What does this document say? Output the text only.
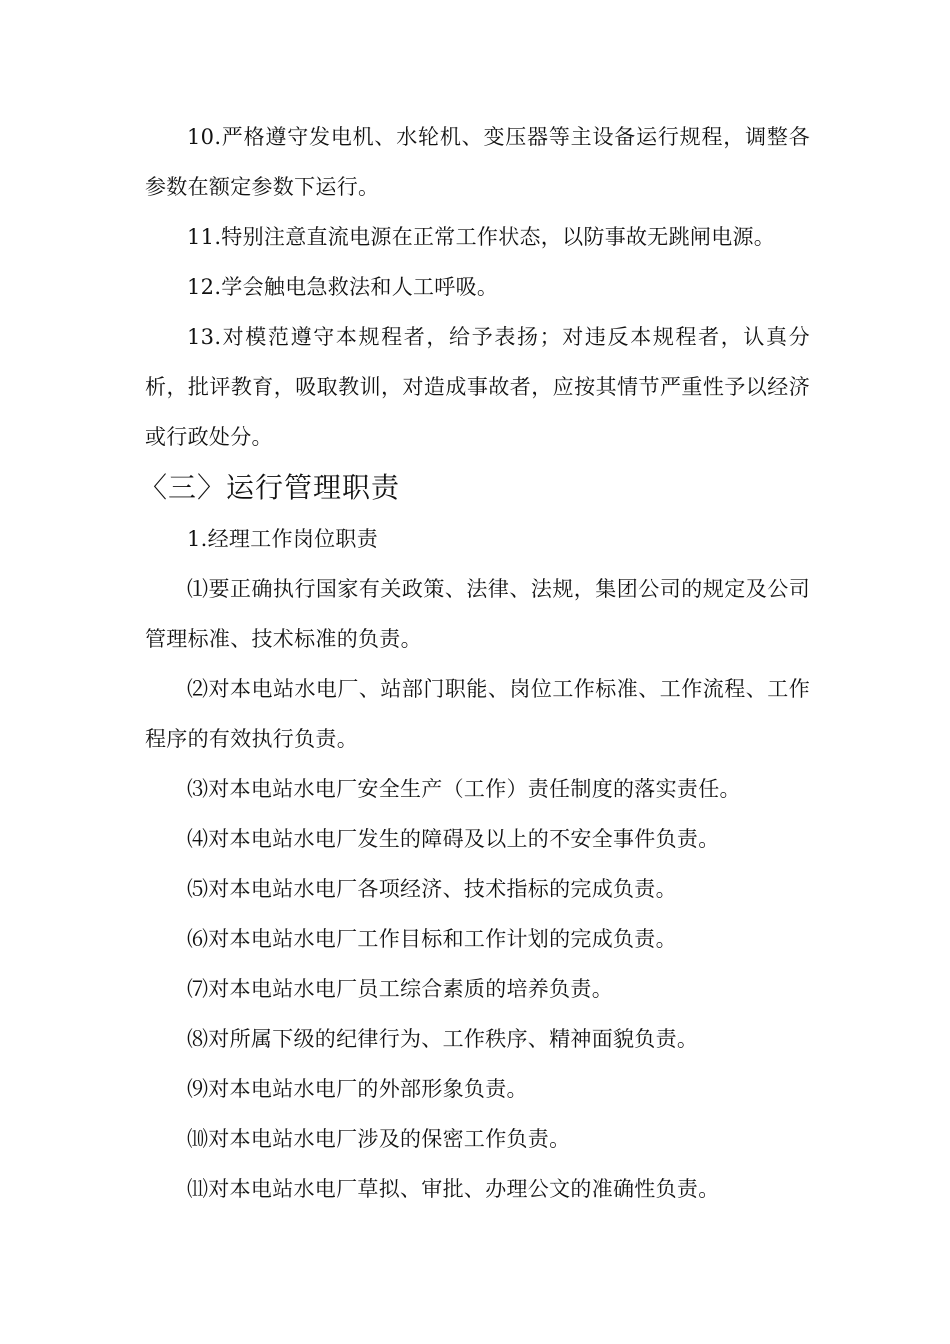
10.严格遵守发电机、水轮机、变压器等主设备运行规程，调整各参数在额定参数下运行。

11.特别注意直流电源在正常工作状态，以防事故无跳闸电源。

12.学会触电急救法和人工呼吸。

13.对模范遵守本规程者，给予表扬；对违反本规程者，认真分析，批评教育，吸取教训，对造成事故者，应按其情节严重性予以经济或行政处分。

〈三〉运行管理职责

1.经理工作岗位职责

⑴要正确执行国家有关政策、法律、法规，集团公司的规定及公司管理标准、技术标准的负责。

⑵对本电站水电厂、站部门职能、岗位工作标准、工作流程、工作程序的有效执行负责。

⑶对本电站水电厂安全生产（工作）责任制度的落实责任。

⑷对本电站水电厂发生的障碍及以上的不安全事件负责。

⑸对本电站水电厂各项经济、技术指标的完成负责。

⑹对本电站水电厂工作目标和工作计划的完成负责。

⑺对本电站水电厂员工综合素质的培养负责。

⑻对所属下级的纪律行为、工作秩序、精神面貌负责。

⑼对本电站水电厂的外部形象负责。

⑽对本电站水电厂涉及的保密工作负责。

⑾对本电站水电厂草拟、审批、办理公文的准确性负责。
